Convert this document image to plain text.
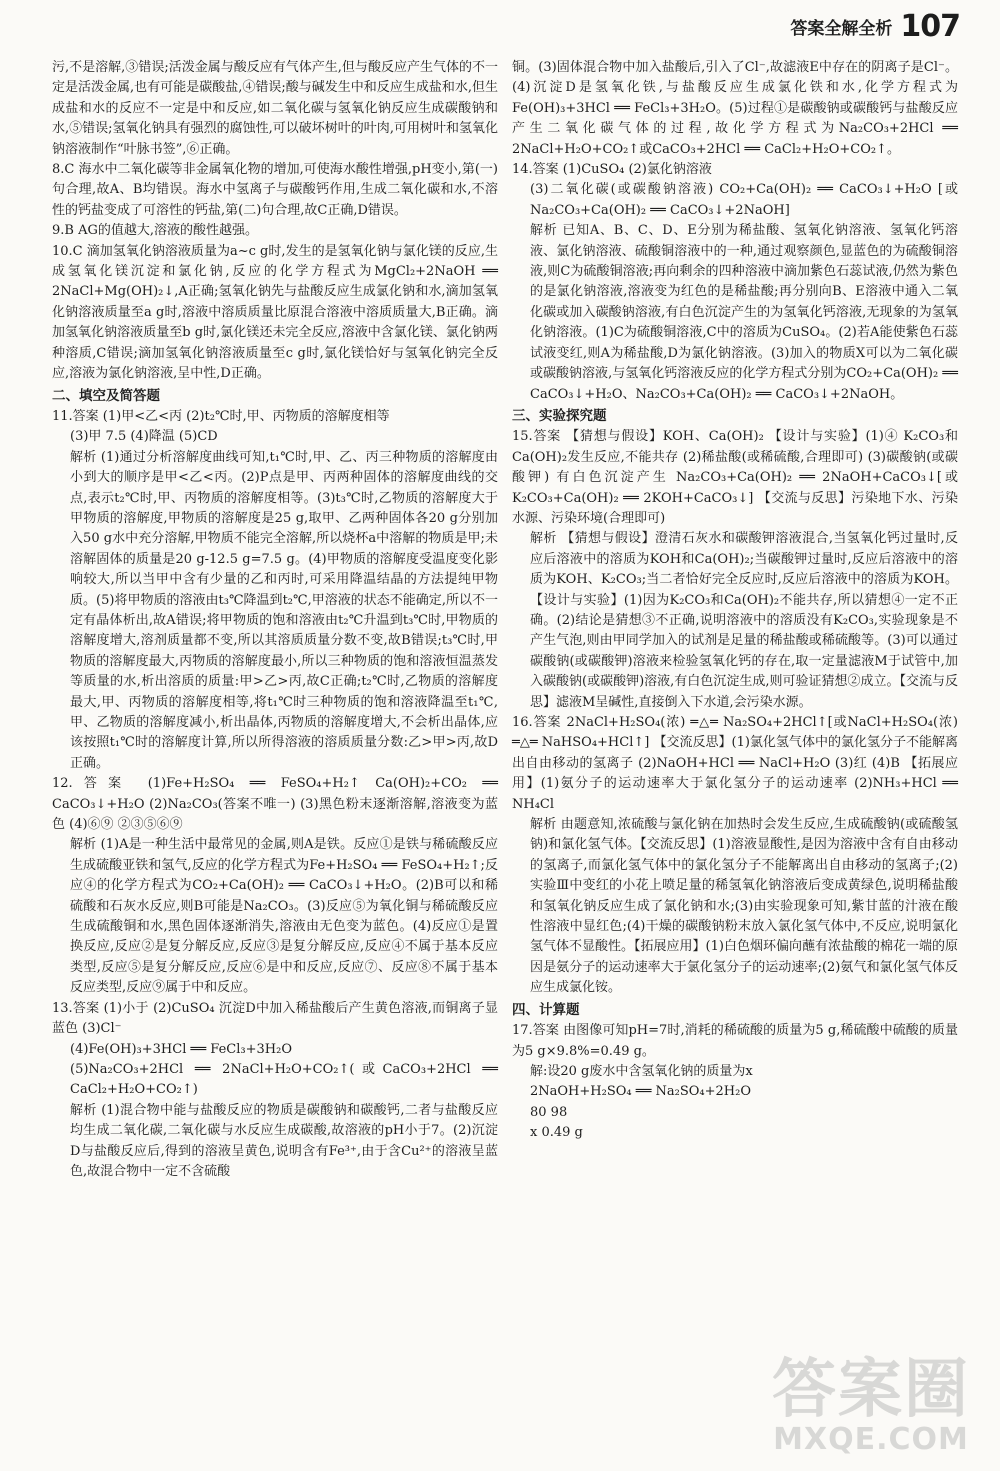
答案全解全析 107

污,不是溶解,③错误;活泼金属与酸反应有气体产生,但与酸反应产生气体的不一定是活泼金属,也有可能是碳酸盐,④错误;酸与碱发生中和反应生成盐和水,但生成盐和水的反应不一定是中和反应,如二氧化碳与氢氧化钠反应生成碳酸钠和水,⑤错误;氢氧化钠具有强烈的腐蚀性,可以破坏树叶的叶肉,可用树叶和氢氧化钠溶液制作“叶脉书签”,⑥正确。

8.C 海水中二氧化碳等非金属氧化物的增加,可使海水酸性增强,pH变小,第(一)句合理,故A、B均错误。海水中氢离子与碳酸钙作用,生成二氧化碳和水,不溶性的钙盐变成了可溶性的钙盐,第(二)句合理,故C正确,D错误。

9.B AG的值越大,溶液的酸性越强。

10.C 滴加氢氧化钠溶液质量为a~c g时,发生的是氢氧化钠与氯化镁的反应,生成氢氧化镁沉淀和氯化钠,反应的化学方程式为MgCl₂+2NaOH ══ 2NaCl+Mg(OH)₂↓,A正确;氢氧化钠先与盐酸反应生成氯化钠和水,滴加氢氧化钠溶液质量至a g时,溶液中溶质质量比原混合溶液中溶质质量大,B正确。滴加氢氧化钠溶液质量至b g时,氯化镁还未完全反应,溶液中含氯化镁、氯化钠两种溶质,C错误;滴加氢氧化钠溶液质量至c g时,氯化镁恰好与氢氧化钠完全反应,溶液为氯化钠溶液,呈中性,D正确。

二、填空及简答题

11.答案 (1)甲<乙<丙 (2)t₂℃时,甲、丙物质的溶解度相等

(3)甲 7.5 (4)降温 (5)CD

解析 (1)通过分析溶解度曲线可知,t₁℃时,甲、乙、丙三种物质的溶解度由小到大的顺序是甲<乙<丙。(2)P点是甲、丙两种固体的溶解度曲线的交点,表示t₂℃时,甲、丙物质的溶解度相等。(3)t₃℃时,乙物质的溶解度大于甲物质的溶解度,甲物质的溶解度是25 g,取甲、乙两种固体各20 g分别加入50 g水中充分溶解,甲物质不能完全溶解,所以烧杯a中溶解的物质是甲;未溶解固体的质量是20 g-12.5 g=7.5 g。(4)甲物质的溶解度受温度变化影响较大,所以当甲中含有少量的乙和丙时,可采用降温结晶的方法提纯甲物质。(5)将甲物质的溶液由t₃℃降温到t₂℃,甲溶液的状态不能确定,所以不一定有晶体析出,故A错误;将甲物质的饱和溶液由t₂℃升温到t₃℃时,甲物质的溶解度增大,溶剂质量都不变,所以其溶质质量分数不变,故B错误;t₃℃时,甲物质的溶解度最大,丙物质的溶解度最小,所以三种物质的饱和溶液恒温蒸发等质量的水,析出溶质的质量:甲>乙>丙,故C正确;t₂℃时,乙物质的溶解度最大,甲、丙物质的溶解度相等,将t₁℃时三种物质的饱和溶液降温至t₁℃,甲、乙物质的溶解度减小,析出晶体,丙物质的溶解度增大,不会析出晶体,应该按照t₁℃时的溶解度计算,所以所得溶液的溶质质量分数:乙>甲>丙,故D正确。

12.答案 (1)Fe+H₂SO₄ ══ FeSO₄+H₂↑ Ca(OH)₂+CO₂ ══ CaCO₃↓+H₂O (2)Na₂CO₃(答案不唯一) (3)黑色粉末逐渐溶解,溶液变为蓝色 (4)⑥⑨ ②③⑤⑥⑨

解析 (1)A是一种生活中最常见的金属,则A是铁。反应①是铁与稀硫酸反应生成硫酸亚铁和氢气,反应的化学方程式为Fe+H₂SO₄ ══ FeSO₄+H₂↑;反应④的化学方程式为CO₂+Ca(OH)₂ ══ CaCO₃↓+H₂O。(2)B可以和稀硫酸和石灰水反应,则B可能是Na₂CO₃。(3)反应⑤为氧化铜与稀硫酸反应生成硫酸铜和水,黑色固体逐渐消失,溶液由无色变为蓝色。(4)反应①是置换反应,反应②是复分解反应,反应③是复分解反应,反应④不属于基本反应类型,反应⑤是复分解反应,反应⑥是中和反应,反应⑦、反应⑧不属于基本反应类型,反应⑨属于中和反应。

13.答案 (1)小于 (2)CuSO₄ 沉淀D中加入稀盐酸后产生黄色溶液,而铜离子显蓝色 (3)Cl⁻

(4)Fe(OH)₃+3HCl ══ FeCl₃+3H₂O

(5)Na₂CO₃+2HCl ══ 2NaCl+H₂O+CO₂↑(或CaCO₃+2HCl ══ CaCl₂+H₂O+CO₂↑)

解析 (1)混合物中能与盐酸反应的物质是碳酸钠和碳酸钙,二者与盐酸反应均生成二氧化碳,二氧化碳与水反应生成碳酸,故溶液的pH小于7。(2)沉淀D与盐酸反应后,得到的溶液呈黄色,说明含有Fe³⁺,由于含Cu²⁺的溶液呈蓝色,故混合物中一定不含硫酸

铜。(3)固体混合物中加入盐酸后,引入了Cl⁻,故滤液E中存在的阴离子是Cl⁻。(4)沉淀D是氢氧化铁,与盐酸反应生成氯化铁和水,化学方程式为Fe(OH)₃+3HCl ══ FeCl₃+3H₂O。(5)过程①是碳酸钠或碳酸钙与盐酸反应产生二氧化碳气体的过程,故化学方程式为Na₂CO₃+2HCl ══ 2NaCl+H₂O+CO₂↑或CaCO₃+2HCl ══ CaCl₂+H₂O+CO₂↑。

14.答案 (1)CuSO₄ (2)氯化钠溶液

(3)二氧化碳(或碳酸钠溶液) CO₂+Ca(OH)₂ ══ CaCO₃↓+H₂O [或Na₂CO₃+Ca(OH)₂ ══ CaCO₃↓+2NaOH]

解析 已知A、B、C、D、E分别为稀盐酸、氢氧化钠溶液、氢氧化钙溶液、氯化钠溶液、硫酸铜溶液中的一种,通过观察颜色,显蓝色的为硫酸铜溶液,则C为硫酸铜溶液;再向剩余的四种溶液中滴加紫色石蕊试液,仍然为紫色的是氯化钠溶液,溶液变为红色的是稀盐酸;再分别向B、E溶液中通入二氧化碳或加入碳酸钠溶液,有白色沉淀产生的为氢氧化钙溶液,无现象的为氢氧化钠溶液。(1)C为硫酸铜溶液,C中的溶质为CuSO₄。(2)若A能使紫色石蕊试液变红,则A为稀盐酸,D为氯化钠溶液。(3)加入的物质X可以为二氧化碳或碳酸钠溶液,与氢氧化钙溶液反应的化学方程式分别为CO₂+Ca(OH)₂ ══ CaCO₃↓+H₂O、Na₂CO₃+Ca(OH)₂ ══ CaCO₃↓+2NaOH。

三、实验探究题

15.答案 【猜想与假设】KOH、Ca(OH)₂ 【设计与实验】(1)④ K₂CO₃和Ca(OH)₂发生反应,不能共存 (2)稀盐酸(或稀硫酸,合理即可) (3)碳酸钠(或碳酸钾) 有白色沉淀产生 Na₂CO₃+Ca(OH)₂ ══ 2NaOH+CaCO₃↓[或K₂CO₃+Ca(OH)₂ ══ 2KOH+CaCO₃↓] 【交流与反思】污染地下水、污染水源、污染环境(合理即可)

解析 【猜想与假设】澄清石灰水和碳酸钾溶液混合,当氢氧化钙过量时,反应后溶液中的溶质为KOH和Ca(OH)₂;当碳酸钾过量时,反应后溶液中的溶质为KOH、K₂CO₃;当二者恰好完全反应时,反应后溶液中的溶质为KOH。【设计与实验】(1)因为K₂CO₃和Ca(OH)₂不能共存,所以猜想④一定不正确。(2)结论是猜想③不正确,说明溶液中的溶质没有K₂CO₃,实验现象是不产生气泡,则由甲同学加入的试剂是足量的稀盐酸或稀硫酸等。(3)可以通过碳酸钠(或碳酸钾)溶液来检验氢氧化钙的存在,取一定量滤液M于试管中,加入碳酸钠(或碳酸钾)溶液,有白色沉淀生成,则可验证猜想②成立。【交流与反思】滤液M呈碱性,直接倒入下水道,会污染水源。

16.答案 2NaCl+H₂SO₄(浓) ═△═ Na₂SO₄+2HCl↑[或NaCl+H₂SO₄(浓) ═△═ NaHSO₄+HCl↑] 【交流反思】(1)氯化氢气体中的氯化氢分子不能解离出自由移动的氢离子 (2)NaOH+HCl ══ NaCl+H₂O (3)红 (4)B 【拓展应用】(1)氨分子的运动速率大于氯化氢分子的运动速率 (2)NH₃+HCl ══ NH₄Cl

解析 由题意知,浓硫酸与氯化钠在加热时会发生反应,生成硫酸钠(或硫酸氢钠)和氯化氢气体。【交流反思】(1)溶液显酸性,是因为溶液中含有自由移动的氢离子,而氯化氢气体中的氯化氢分子不能解离出自由移动的氢离子;(2)实验Ⅲ中变红的小花上喷足量的稀氢氧化钠溶液后变成黄绿色,说明稀盐酸和氢氧化钠反应生成了氯化钠和水;(3)由实验现象可知,紫甘蓝的汁液在酸性溶液中显红色;(4)干燥的碳酸钠粉末放入氯化氢气体中,不反应,说明氯化氢气体不显酸性。【拓展应用】(1)白色烟环偏向蘸有浓盐酸的棉花一端的原因是氨分子的运动速率大于氯化氢分子的运动速率;(2)氨气和氯化氢气体反应生成氯化铵。

四、计算题

17.答案 由图像可知pH=7时,消耗的稀硫酸的质量为5 g,稀硫酸中硫酸的质量为5 g×9.8%=0.49 g。

解:设20 g废水中含氢氧化钠的质量为x

2NaOH+H₂SO₄ ══ Na₂SO₄+2H₂O

80 98

x 0.49 g

答案圈
MXQE.COM
